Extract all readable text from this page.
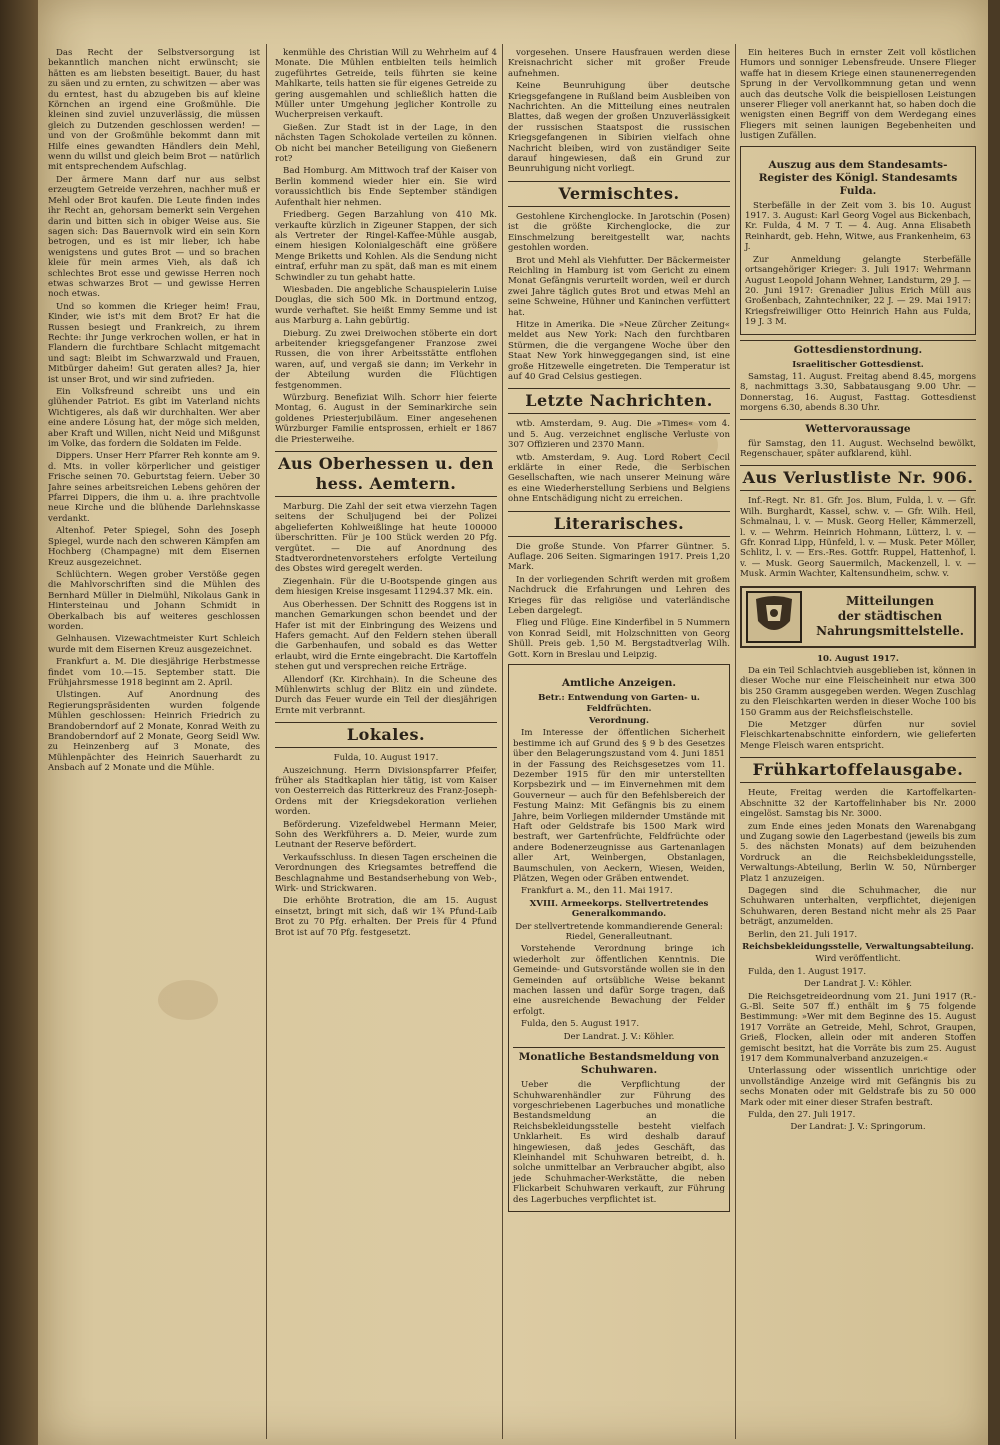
Das Recht der Selbstversorgung ist bekanntlich manchen nicht erwünscht; sie hätten es am liebsten beseitigt. Bauer, du hast zu säen und zu ernten, zu schwitzen — aber was du erntest, hast du abzugeben bis auf kleine Körnchen an irgend eine Großmühle. Die kleinen sind zuviel unzuverlässig, die müssen gleich zu Dutzenden geschlossen werden! — und von der Großmühle bekommt dann mit Hilfe eines gewandten Händlers dein Mehl, wenn du willst und gleich beim Brot — natürlich mit entsprechendem Aufschlag.

Der ärmere Mann darf nur aus selbst erzeugtem Getreide verzehren, nachher muß er Mehl oder Brot kaufen. Die Leute finden indes ihr Recht an, gehorsam bemerkt sein Vergehen darin und bitten sich in obiger Weise aus. Sie sagen sich: Das Bauernvolk wird ein sein Korn betrogen, und es ist mir lieber, ich habe wenigstens und gutes Brot — und so brachen kleie für mein armes Vieh, als daß ich schlechtes Brot esse und gewisse Herren noch etwas schwarzes Brot — und gewisse Herren noch etwas.

Und so kommen die Krieger heim! Frau, Kinder, wie ist's mit dem Brot? Er hat die Russen besiegt und Frankreich, zu ihrem Rechte: ihr Junge verkrochen wollen, er hat in Flandern die furchtbare Schlacht mitgemacht und sagt: Bleibt im Schwarzwald und Frauen, Mitbürger daheim! Gut geraten alles? Ja, hier ist unser Brot, und wir sind zufrieden.

Ein Volksfreund schreibt uns und ein glühender Patriot. Es gibt im Vaterland nichts Wichtigeres, als daß wir durchhalten. Wer aber eine andere Lösung hat, der möge sich melden, aber Kraft und Willen, nicht Neid und Mißgunst im Volke, das fordern die Soldaten im Felde.

Dippers. Unser Herr Pfarrer Reh konnte am 9. d. Mts. in voller körperlicher und geistiger Frische seinen 70. Geburtstag feiern. Ueber 30 Jahre seines arbeitsreichen Lebens gehören der Pfarrei Dippers, die ihm u. a. ihre prachtvolle neue Kirche und die blühende Darlehnskasse verdankt.

Altenhof. Peter Spiegel, Sohn des Joseph Spiegel, wurde nach den schweren Kämpfen am Hochberg (Champagne) mit dem Eisernen Kreuz ausgezeichnet.

Schlüchtern. Wegen grober Verstöße gegen die Mahlvorschriften sind die Mühlen des Bernhard Müller in Dielmühl, Nikolaus Gank in Hintersteinau und Johann Schmidt in Oberkalbach bis auf weiteres geschlossen worden.

Gelnhausen. Vizewachtmeister Kurt Schleich wurde mit dem Eisernen Kreuz ausgezeichnet.

Frankfurt a. M. Die diesjährige Herbstmesse findet vom 10.—15. September statt. Die Frühjahrsmesse 1918 beginnt am 2. April.

Ulstingen. Auf Anordnung des Regierungspräsidenten wurden folgende Mühlen geschlossen: Heinrich Friedrich zu Brandoberndorf auf 2 Monate, Konrad Weith zu Brandoberndorf auf 2 Monate, Georg Seidl Ww. zu Heinzenberg auf 3 Monate, des Mühlenpächter des Heinrich Sauerhardt zu Ansbach auf 2 Monate und die Mühle.

kenmühle des Christian Will zu Wehrheim auf 4 Monate. Die Mühlen entbielten teils heimlich zugeführtes Getreide, teils führten sie keine Mahlkarte, teils hatten sie für eigenes Getreide zu gering ausgemahlen und schließlich hatten die Müller unter Umgehung jeglicher Kontrolle zu Wucherpreisen verkauft.

Gießen. Zur Stadt ist in der Lage, in den nächsten Tagen Schokolade verteilen zu können. Ob nicht bei mancher Beteiligung von Gießenern rot?

Bad Homburg. Am Mittwoch traf der Kaiser von Berlin kommend wieder hier ein. Sie wird voraussichtlich bis Ende September ständigen Aufenthalt hier nehmen.

Friedberg. Gegen Barzahlung von 410 Mk. verkaufte kürzlich in Zigeuner Stappen, der sich als Vertreter der Ringel-Kaffee-Mühle ausgab, einem hiesigen Kolonialgeschäft eine größere Menge Briketts und Kohlen. Als die Sendung nicht eintraf, erfuhr man zu spät, daß man es mit einem Schwindler zu tun gehabt hatte.

Wiesbaden. Die angebliche Schauspielerin Luise Douglas, die sich 500 Mk. in Dortmund entzog, wurde verhaftet. Sie heißt Emmy Semme und ist aus Marburg a. Lahn gebürtig.

Dieburg. Zu zwei Dreiwochen stöberte ein dort arbeitender kriegsgefangener Franzose zwei Russen, die von ihrer Arbeitsstätte entflohen waren, auf, und vergaß sie dann; im Verkehr in der Abteilung wurden die Flüchtigen festgenommen.

Würzburg. Benefiziat Wilh. Schorr hier feierte Montag, 6. August in der Seminarkirche sein goldenes Priesterjubiläum. Einer angesehenen Würzburger Familie entsprossen, erhielt er 1867 die Priesterweihe.

Aus Oberhessen u. den hess. Aemtern.

Marburg. Die Zahl der seit etwa vierzehn Tagen seitens der Schuljugend bei der Polizei abgelieferten Kohlweißlinge hat heute 100000 überschritten. Für je 100 Stück werden 20 Pfg. vergütet. — Die auf Anordnung des Stadtverordnetenvorstehers erfolgte Verteilung des Obstes wird geregelt werden.

Ziegenhain. Für die U-Bootspende gingen aus dem hiesigen Kreise insgesamt 11294.37 Mk. ein.

Aus Oberhessen. Der Schnitt des Roggens ist in manchen Gemarkungen schon beendet und der Hafer ist mit der Einbringung des Weizens und Hafers gemacht. Auf den Feldern stehen überall die Garbenhaufen, und sobald es das Wetter erlaubt, wird die Ernte eingebracht. Die Kartoffeln stehen gut und versprechen reiche Erträge.

Allendorf (Kr. Kirchhain). In die Scheune des Mühlenwirts schlug der Blitz ein und zündete. Durch das Feuer wurde ein Teil der diesjährigen Ernte mit verbrannt.

Lokales.

Fulda, 10. August 1917.

Auszeichnung. Herrn Divisionspfarrer Pfeifer, früher als Stadtkaplan hier tätig, ist vom Kaiser von Oesterreich das Ritterkreuz des Franz-Joseph-Ordens mit der Kriegsdekoration verliehen worden.

Beförderung. Vizefeldwebel Hermann Meier, Sohn des Werkführers a. D. Meier, wurde zum Leutnant der Reserve befördert.

Verkaufsschluss. In diesen Tagen erscheinen die Verordnungen des Kriegsamtes betreffend die Beschlagnahme und Bestandserhebung von Web-, Wirk- und Strickwaren.

Die erhöhte Brotration, die am 15. August einsetzt, bringt mit sich, daß wir 1¾ Pfund-Laib Brot zu 70 Pfg. erhalten. Der Preis für 4 Pfund Brot ist auf 70 Pfg. festgesetzt.

vorgesehen. Unsere Hausfrauen werden diese Kreisnachricht sicher mit großer Freude aufnehmen.

Keine Beunruhigung über deutsche Kriegsgefangene in Rußland beim Ausbleiben von Nachrichten. An die Mitteilung eines neutralen Blattes, daß wegen der großen Unzuverlässigkeit der russischen Staatspost die russischen Kriegsgefangenen in Sibirien vielfach ohne Nachricht bleiben, wird von zuständiger Seite darauf hingewiesen, daß ein Grund zur Beunruhigung nicht vorliegt.

Vermischtes.

Gestohlene Kirchenglocke. In Jarotschin (Posen) ist die größte Kirchenglocke, die zur Einschmelzung bereitgestellt war, nachts gestohlen worden.

Brot und Mehl als Viehfutter. Der Bäckermeister Reichling in Hamburg ist vom Gericht zu einem Monat Gefängnis verurteilt worden, weil er durch zwei Jahre täglich gutes Brot und etwas Mehl an seine Schweine, Hühner und Kaninchen verfüttert hat.

Hitze in Amerika. Die »Neue Zürcher Zeitung« meldet aus New York: Nach den furchtbaren Stürmen, die die vergangene Woche über den Staat New York hinweggegangen sind, ist eine große Hitzewelle eingetreten. Die Temperatur ist auf 40 Grad Celsius gestiegen.

Letzte Nachrichten.

wtb. Amsterdam, 9. Aug. Die »Times« vom 4. und 5. Aug. verzeichnet englische Verluste von 307 Offizieren und 2370 Mann.

wtb. Amsterdam, 9. Aug. Lord Robert Cecil erklärte in einer Rede, die Serbischen Gesellschaften, wie nach unserer Meinung wäre es eine Wiederherstellung Serbiens und Belgiens ohne Entschädigung nicht zu erreichen.

Literarisches.

Die große Stunde. Von Pfarrer Güntner. 5. Auflage. 206 Seiten. Sigmaringen 1917. Preis 1,20 Mark.

In der vorliegenden Schrift werden mit großem Nachdruck die Erfahrungen und Lehren des Krieges für das religiöse und vaterländische Leben dargelegt.

Flieg und Flüge. Eine Kinderfibel in 5 Nummern von Konrad Seidl, mit Holzschnitten von Georg Shüll. Preis geb. 1,50 M. Bergstadtverlag Wilh. Gott. Korn in Breslau und Leipzig.

Amtliche Anzeigen.

Betr.: Entwendung von Garten- u. Feldfrüchten.

Verordnung.

Im Interesse der öffentlichen Sicherheit bestimme ich auf Grund des § 9 b des Gesetzes über den Belagerungszustand vom 4. Juni 1851 in der Fassung des Reichsgesetzes vom 11. Dezember 1915 für den mir unterstellten Korpsbezirk und — im Einvernehmen mit dem Gouverneur — auch für den Befehlsbereich der Festung Mainz: Mit Gefängnis bis zu einem Jahre, beim Vorliegen mildernder Umstände mit Haft oder Geldstrafe bis 1500 Mark wird bestraft, wer Gartenfrüchte, Feldfrüchte oder andere Bodenerzeugnisse aus Gartenanlagen aller Art, Weinbergen, Obstanlagen, Baumschulen, von Aeckern, Wiesen, Weiden, Plätzen, Wegen oder Gräben entwendet.

Frankfurt a. M., den 11. Mai 1917.

XVIII. Armeekorps. Stellvertretendes Generalkommando.

Der stellvertretende kommandierende General: Riedel, Generalleutnant.

Vorstehende Verordnung bringe ich wiederholt zur öffentlichen Kenntnis. Die Gemeinde- und Gutsvorstände wollen sie in den Gemeinden auf ortsübliche Weise bekannt machen lassen und dafür Sorge tragen, daß eine ausreichende Bewachung der Felder erfolgt.

Fulda, den 5. August 1917.

Der Landrat. J. V.: Köhler.

Monatliche Bestandsmeldung von Schuhwaren.

Ueber die Verpflichtung der Schuhwarenhändler zur Führung des vorgeschriebenen Lagerbuches und monatliche Bestandsmeldung an die Reichsbekleidungsstelle besteht vielfach Unklarheit. Es wird deshalb darauf hingewiesen, daß jedes Geschäft, das Kleinhandel mit Schuhwaren betreibt, d. h. solche unmittelbar an Verbraucher abgibt, also jede Schuhmacher-Werkstätte, die neben Flickarbeit Schuhwaren verkauft, zur Führung des Lagerbuches verpflichtet ist.

Ein heiteres Buch in ernster Zeit voll köstlichen Humors und sonniger Lebensfreude. Unsere Flieger waffe hat in diesem Kriege einen staunenerregenden Sprung in der Vervollkommnung getan und wenn auch das deutsche Volk die beispiellosen Leistungen unserer Flieger voll anerkannt hat, so haben doch die wenigsten einen Begriff von dem Werdegang eines Fliegers mit seinen launigen Begebenheiten und lustigen Zufällen.

Auszug aus dem Standesamts-Register des Königl. Standesamts Fulda.

Sterbefälle in der Zeit vom 3. bis 10. August 1917. 3. August: Karl Georg Vogel aus Bickenbach, Kr. Fulda, 4 M. 7 T. — 4. Aug. Anna Elisabeth Reinhardt, geb. Hehn, Witwe, aus Frankenheim, 63 J.

Zur Anmeldung gelangte Sterbefälle ortsangehöriger Krieger: 3. Juli 1917: Wehrmann August Leopold Johann Wehner, Landsturm, 29 J. — 20. Juni 1917: Grenadier Julius Erich Müll aus Großenbach, Zahntechniker, 22 J. — 29. Mai 1917: Kriegsfreiwilliger Otto Heinrich Hahn aus Fulda, 19 J. 3 M.

Gottesdienstordnung.

Israelitischer Gottesdienst.

Samstag, 11. August. Freitag abend 8.45, morgens 8, nachmittags 3.30, Sabbatausgang 9.00 Uhr. — Donnerstag, 16. August, Fasttag. Gottesdienst morgens 6.30, abends 8.30 Uhr.

Wettervoraussage

für Samstag, den 11. August. Wechselnd bewölkt, Regenschauer, später aufklarend, kühl.

Aus Verlustliste Nr. 906.

Inf.-Regt. Nr. 81. Gfr. Jos. Blum, Fulda, l. v. — Gfr. Wilh. Burghardt, Kassel, schw. v. — Gfr. Wilh. Heil, Schmalnau, l. v. — Musk. Georg Heller, Kämmerzell, l. v. — Wehrm. Heinrich Hohmann, Lütterz, l. v. — Gfr. Konrad Lipp, Hünfeld, l. v. — Musk. Peter Möller, Schlitz, l. v. — Ers.-Res. Gottfr. Ruppel, Hattenhof, l. v. — Musk. Georg Sauermilch, Mackenzell, l. v. — Musk. Armin Wachter, Kaltensundheim, schw. v.

Mitteilungen
der städtischen
Nahrungsmittelstelle.

10. August 1917.

Da ein Teil Schlachtvieh ausgeblieben ist, können in dieser Woche nur eine Fleischeinheit nur etwa 300 bis 250 Gramm ausgegeben werden. Wegen Zuschlag zu den Fleischkarten werden in dieser Woche 100 bis 150 Gramm aus der Reichsfleischstelle.

Die Metzger dürfen nur soviel Fleischkartenabschnitte einfordern, wie gelieferten Menge Fleisch waren entspricht.

Frühkartoffelausgabe.

Heute, Freitag werden die Kartoffelkarten-Abschnitte 32 der Kartoffelinhaber bis Nr. 2000 eingelöst. Samstag bis Nr. 3000.

zum Ende eines jeden Monats den Warenabgang und Zugang sowie den Lagerbestand (jeweils bis zum 5. des nächsten Monats) auf dem beizuhenden Vordruck an die Reichsbekleidungsstelle, Verwaltungs-Abteilung, Berlin W. 50, Nürnberger Platz 1 anzuzeigen.

Dagegen sind die Schuhmacher, die nur Schuhwaren unterhalten, verpflichtet, diejenigen Schuhwaren, deren Bestand nicht mehr als 25 Paar beträgt, anzumelden.

Berlin, den 21. Juli 1917.

Reichsbekleidungsstelle, Verwaltungsabteilung.

Wird veröffentlicht.

Fulda, den 1. August 1917.

Der Landrat J. V.: Köhler.

Die Reichsgetreideordnung vom 21. Juni 1917 (R.-G.-Bl. Seite 507 ff.) enthält im § 75 folgende Bestimmung: »Wer mit dem Beginne des 15. August 1917 Vorräte an Getreide, Mehl, Schrot, Graupen, Grieß, Flocken, allein oder mit anderen Stoffen gemischt besitzt, hat die Vorräte bis zum 25. August 1917 dem Kommunalverband anzuzeigen.«

Unterlassung oder wissentlich unrichtige oder unvollständige Anzeige wird mit Gefängnis bis zu sechs Monaten oder mit Geldstrafe bis zu 50 000 Mark oder mit einer dieser Strafen bestraft.

Fulda, den 27. Juli 1917.

Der Landrat: J. V.: Springorum.
